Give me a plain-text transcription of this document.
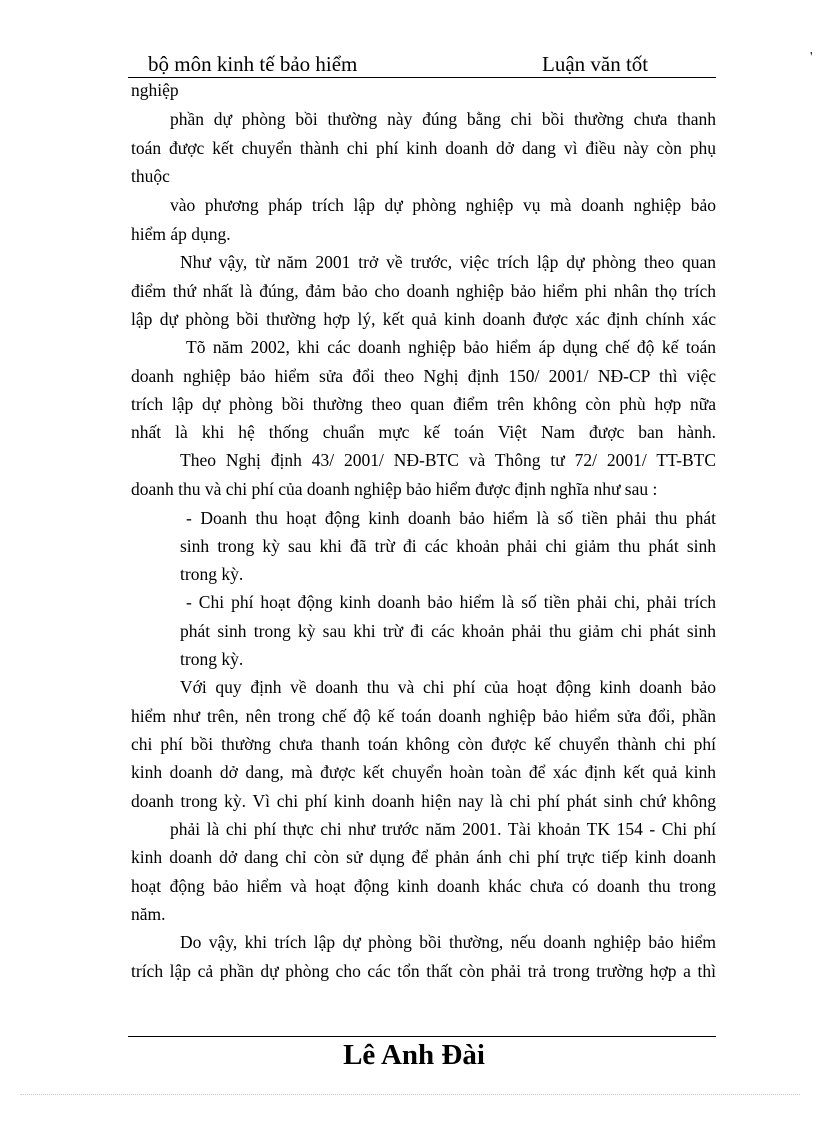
'
bộ môn kinh tế bảo hiểm	Luận văn tốt
nghiệp
phần dự phòng bồi thường này đúng bằng chi bồi thường chưa thanh
toán được kết chuyển thành chi phí kinh doanh dở dang vì điều này còn phụ
thuộc
vào phương pháp trích lập dự phòng nghiệp vụ mà doanh nghiệp bảo
hiểm áp dụng.
Như vậy, từ năm 2001 trở về trước, việc trích lập dự phòng theo quan
điểm thứ nhất là đúng, đảm bảo cho doanh nghiệp bảo hiểm phi nhân thọ trích
lập dự phòng bồi thường hợp lý, kết quả kinh doanh được xác định chính xác
Tõ năm 2002, khi các doanh nghiệp bảo hiểm áp dụng chế độ kế toán
doanh nghiệp bảo hiểm sửa đổi theo Nghị định 150/ 2001/ NĐ-CP thì việc
trích lập dự phòng bồi thường theo quan điểm trên không còn phù hợp nữa
nhất là khi hệ thống chuẩn mực kế toán Việt Nam được ban hành.
Theo Nghị định 43/ 2001/ NĐ-BTC và Thông tư 72/ 2001/ TT-BTC
doanh thu và chi phí của doanh nghiệp bảo hiểm được định nghĩa như sau :
- Doanh thu hoạt động kinh doanh bảo hiểm là số tiền phải thu phát
sinh trong kỳ sau khi đã trừ đi các khoản phải chi giảm thu phát sinh
trong kỳ.
- Chi phí hoạt động kinh doanh bảo hiểm là số tiền phải chi, phải trích
phát sinh trong kỳ sau khi trừ đi các khoản phải thu giảm chi phát sinh
trong kỳ.
Với quy định về doanh thu và chi phí của hoạt động kinh doanh bảo
hiểm như trên, nên trong chế độ kế toán doanh nghiệp bảo hiểm sửa đổi, phần
chi phí bồi thường chưa thanh toán không còn được kế chuyển thành chi phí
kinh doanh dở dang, mà được kết chuyển hoàn toàn để xác định kết quả kinh
doanh trong kỳ. Vì chi phí kinh doanh hiện nay là chi phí phát sinh chứ không
phải là chi phí thực chi như trước năm 2001. Tài khoản TK 154 - Chi phí
kinh doanh dở dang chỉ còn sử dụng để phản ánh chi phí trực tiếp kinh doanh
hoạt động bảo hiểm và hoạt động kinh doanh khác chưa có doanh thu trong
năm.
Do vậy, khi trích lập dự phòng bồi thường, nếu doanh nghiệp bảo hiểm
trích lập cả phần dự phòng cho các tổn thất còn phải trả trong trường hợp a thì
Lê Anh Đài
